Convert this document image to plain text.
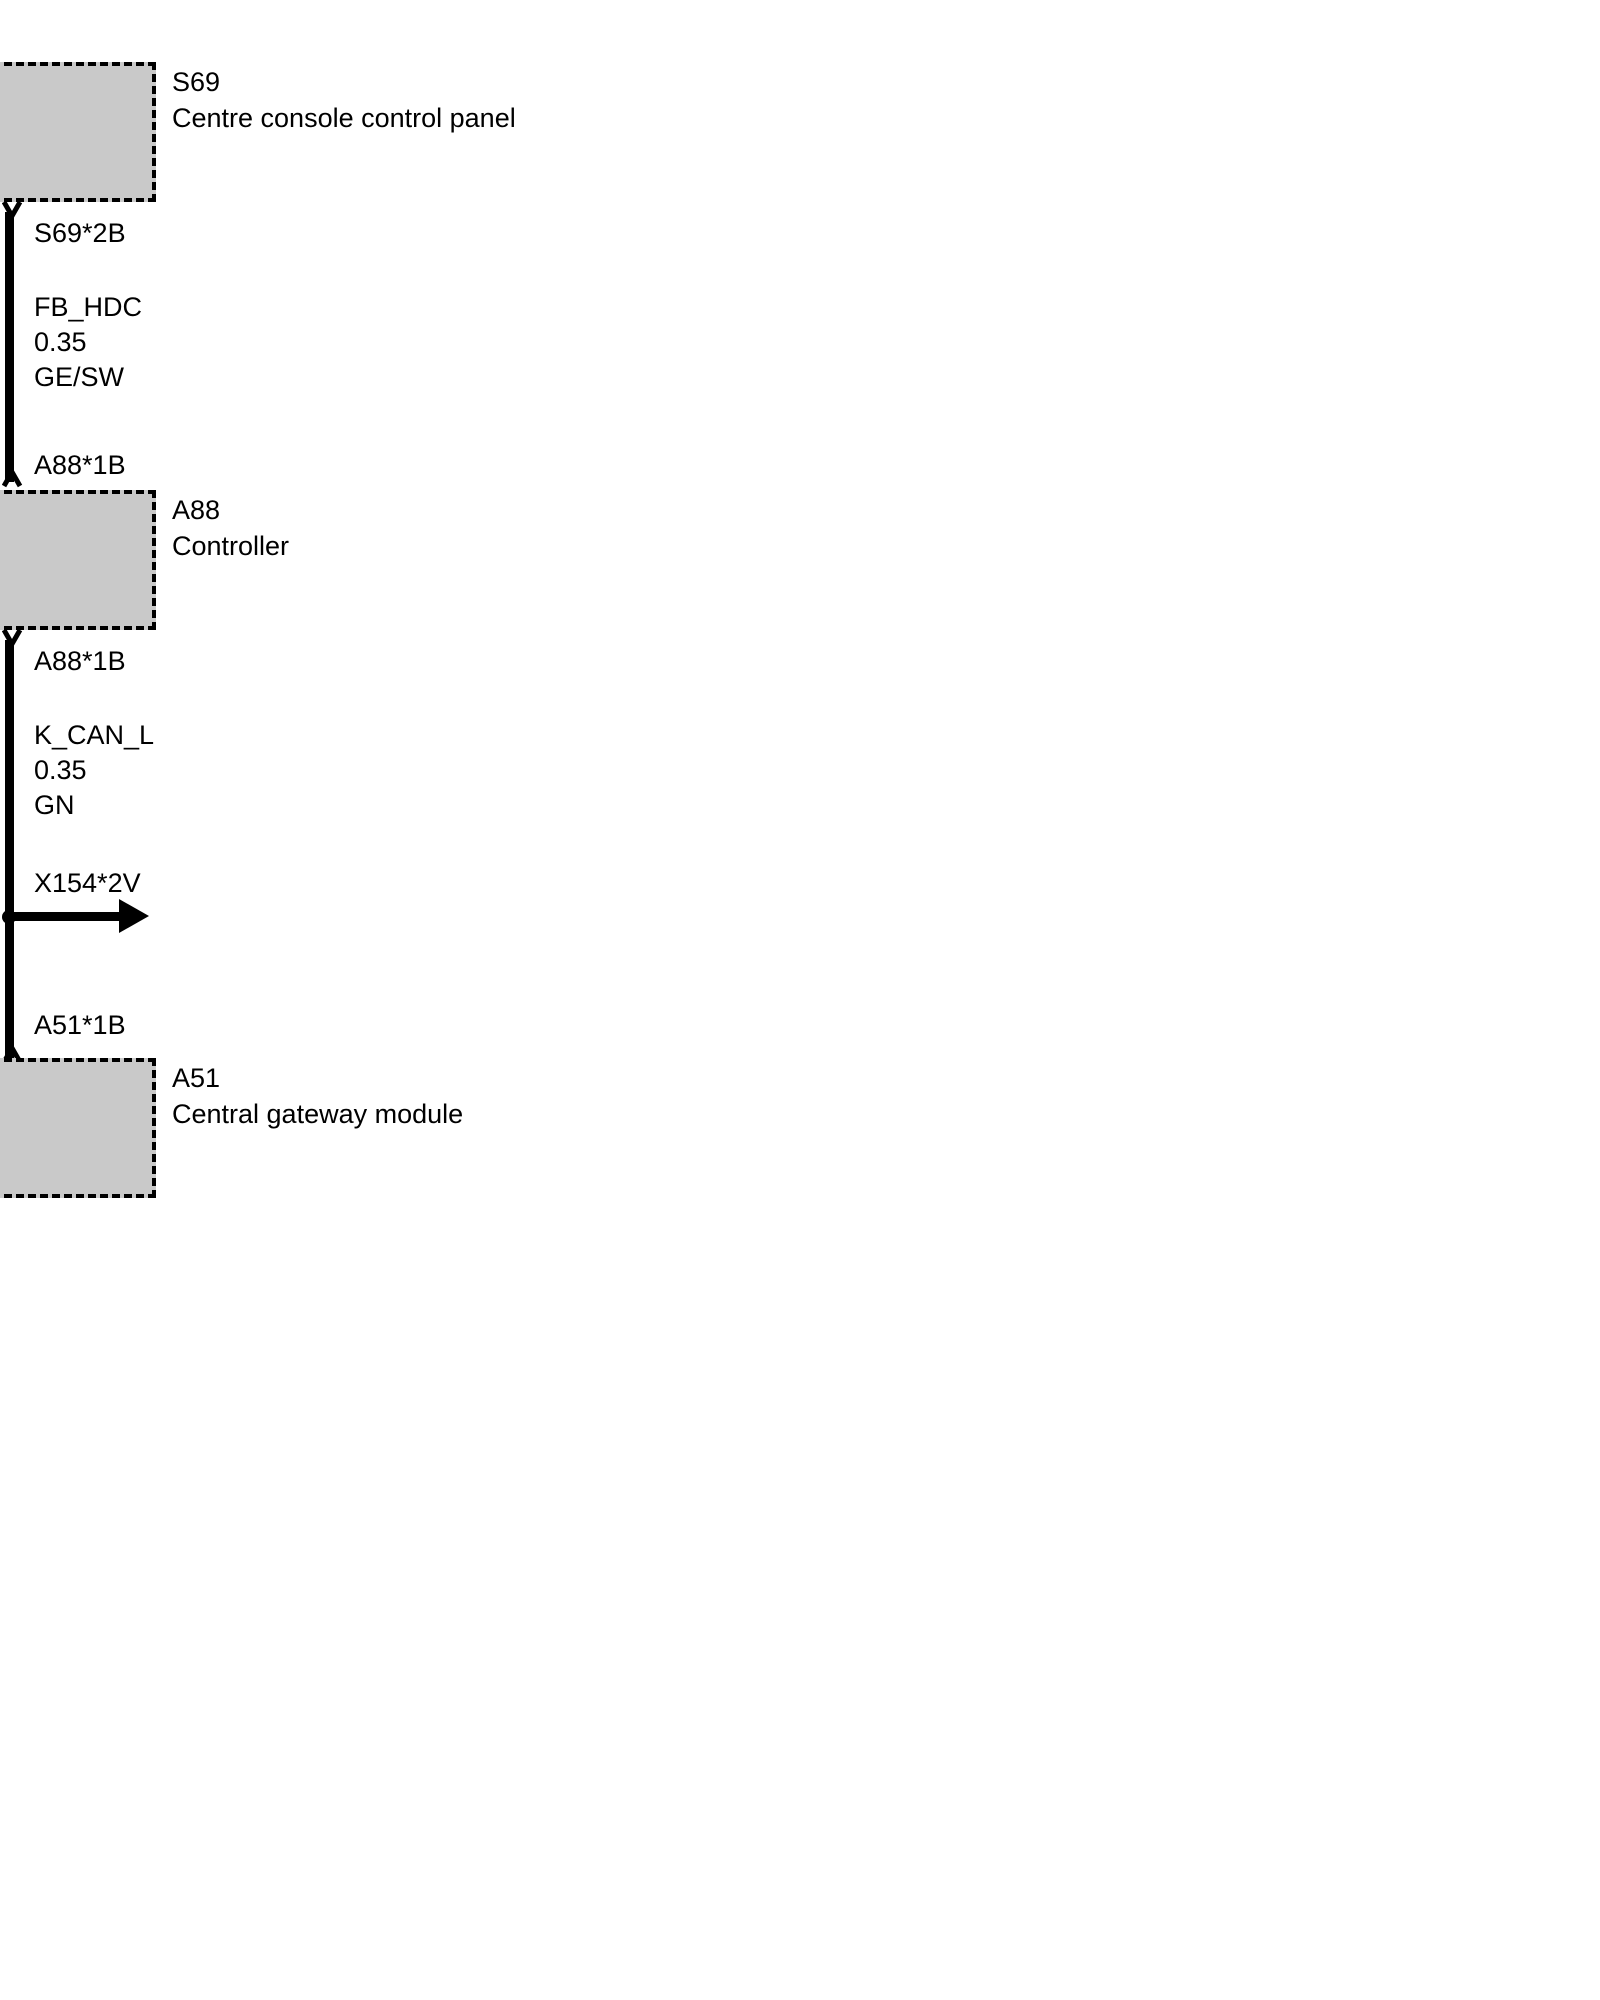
S69
Centre console control panel
S69*2B
FB_HDC
0.35
GE/SW
A88*1B
A88
Controller
A88*1B
K_CAN_L
0.35
GN
X154*2V
A51*1B
A51
Central gateway module
